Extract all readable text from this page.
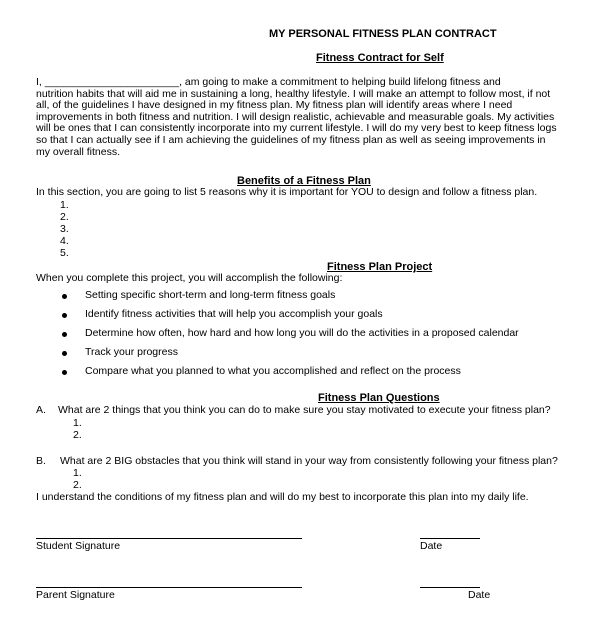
MY PERSONAL FITNESS PLAN CONTRACT
Fitness Contract for Self
I, _______________________, am going to make a commitment to helping build lifelong fitness and
nutrition habits that will aid me in sustaining a long, healthy lifestyle. I will make an attempt to follow most, if not
all, of the guidelines I have designed in my fitness plan. My fitness plan will identify areas where I need
improvements in both fitness and nutrition. I will design realistic, achievable and measurable goals. My activities
will be ones that I can consistently incorporate into my current lifestyle. I will do my very best to keep fitness logs
so that I can actually see if I am achieving the guidelines of my fitness plan as well as seeing improvements in
my overall fitness.
Benefits of a Fitness Plan
In this section, you are going to list 5 reasons why it is important for YOU to design and follow a fitness plan.
1.
2.
3.
4.
5.
Fitness Plan Project
When you complete this project, you will accomplish the following:
Setting specific short-term and long-term fitness goals
Identify fitness activities that will help you accomplish your goals
Determine how often, how hard and how long you will do the activities in a proposed calendar
Track your progress
Compare what you planned to what you accomplished and reflect on the process
Fitness Plan Questions
A. What are 2 things that you think you can do to make sure you stay motivated to execute your fitness plan?
1.
2.
B. What are 2 BIG obstacles that you think will stand in your way from consistently following your fitness plan?
1.
2.
I understand the conditions of my fitness plan and will do my best to incorporate this plan into my daily life.
Student Signature	Date
Parent Signature	Date
